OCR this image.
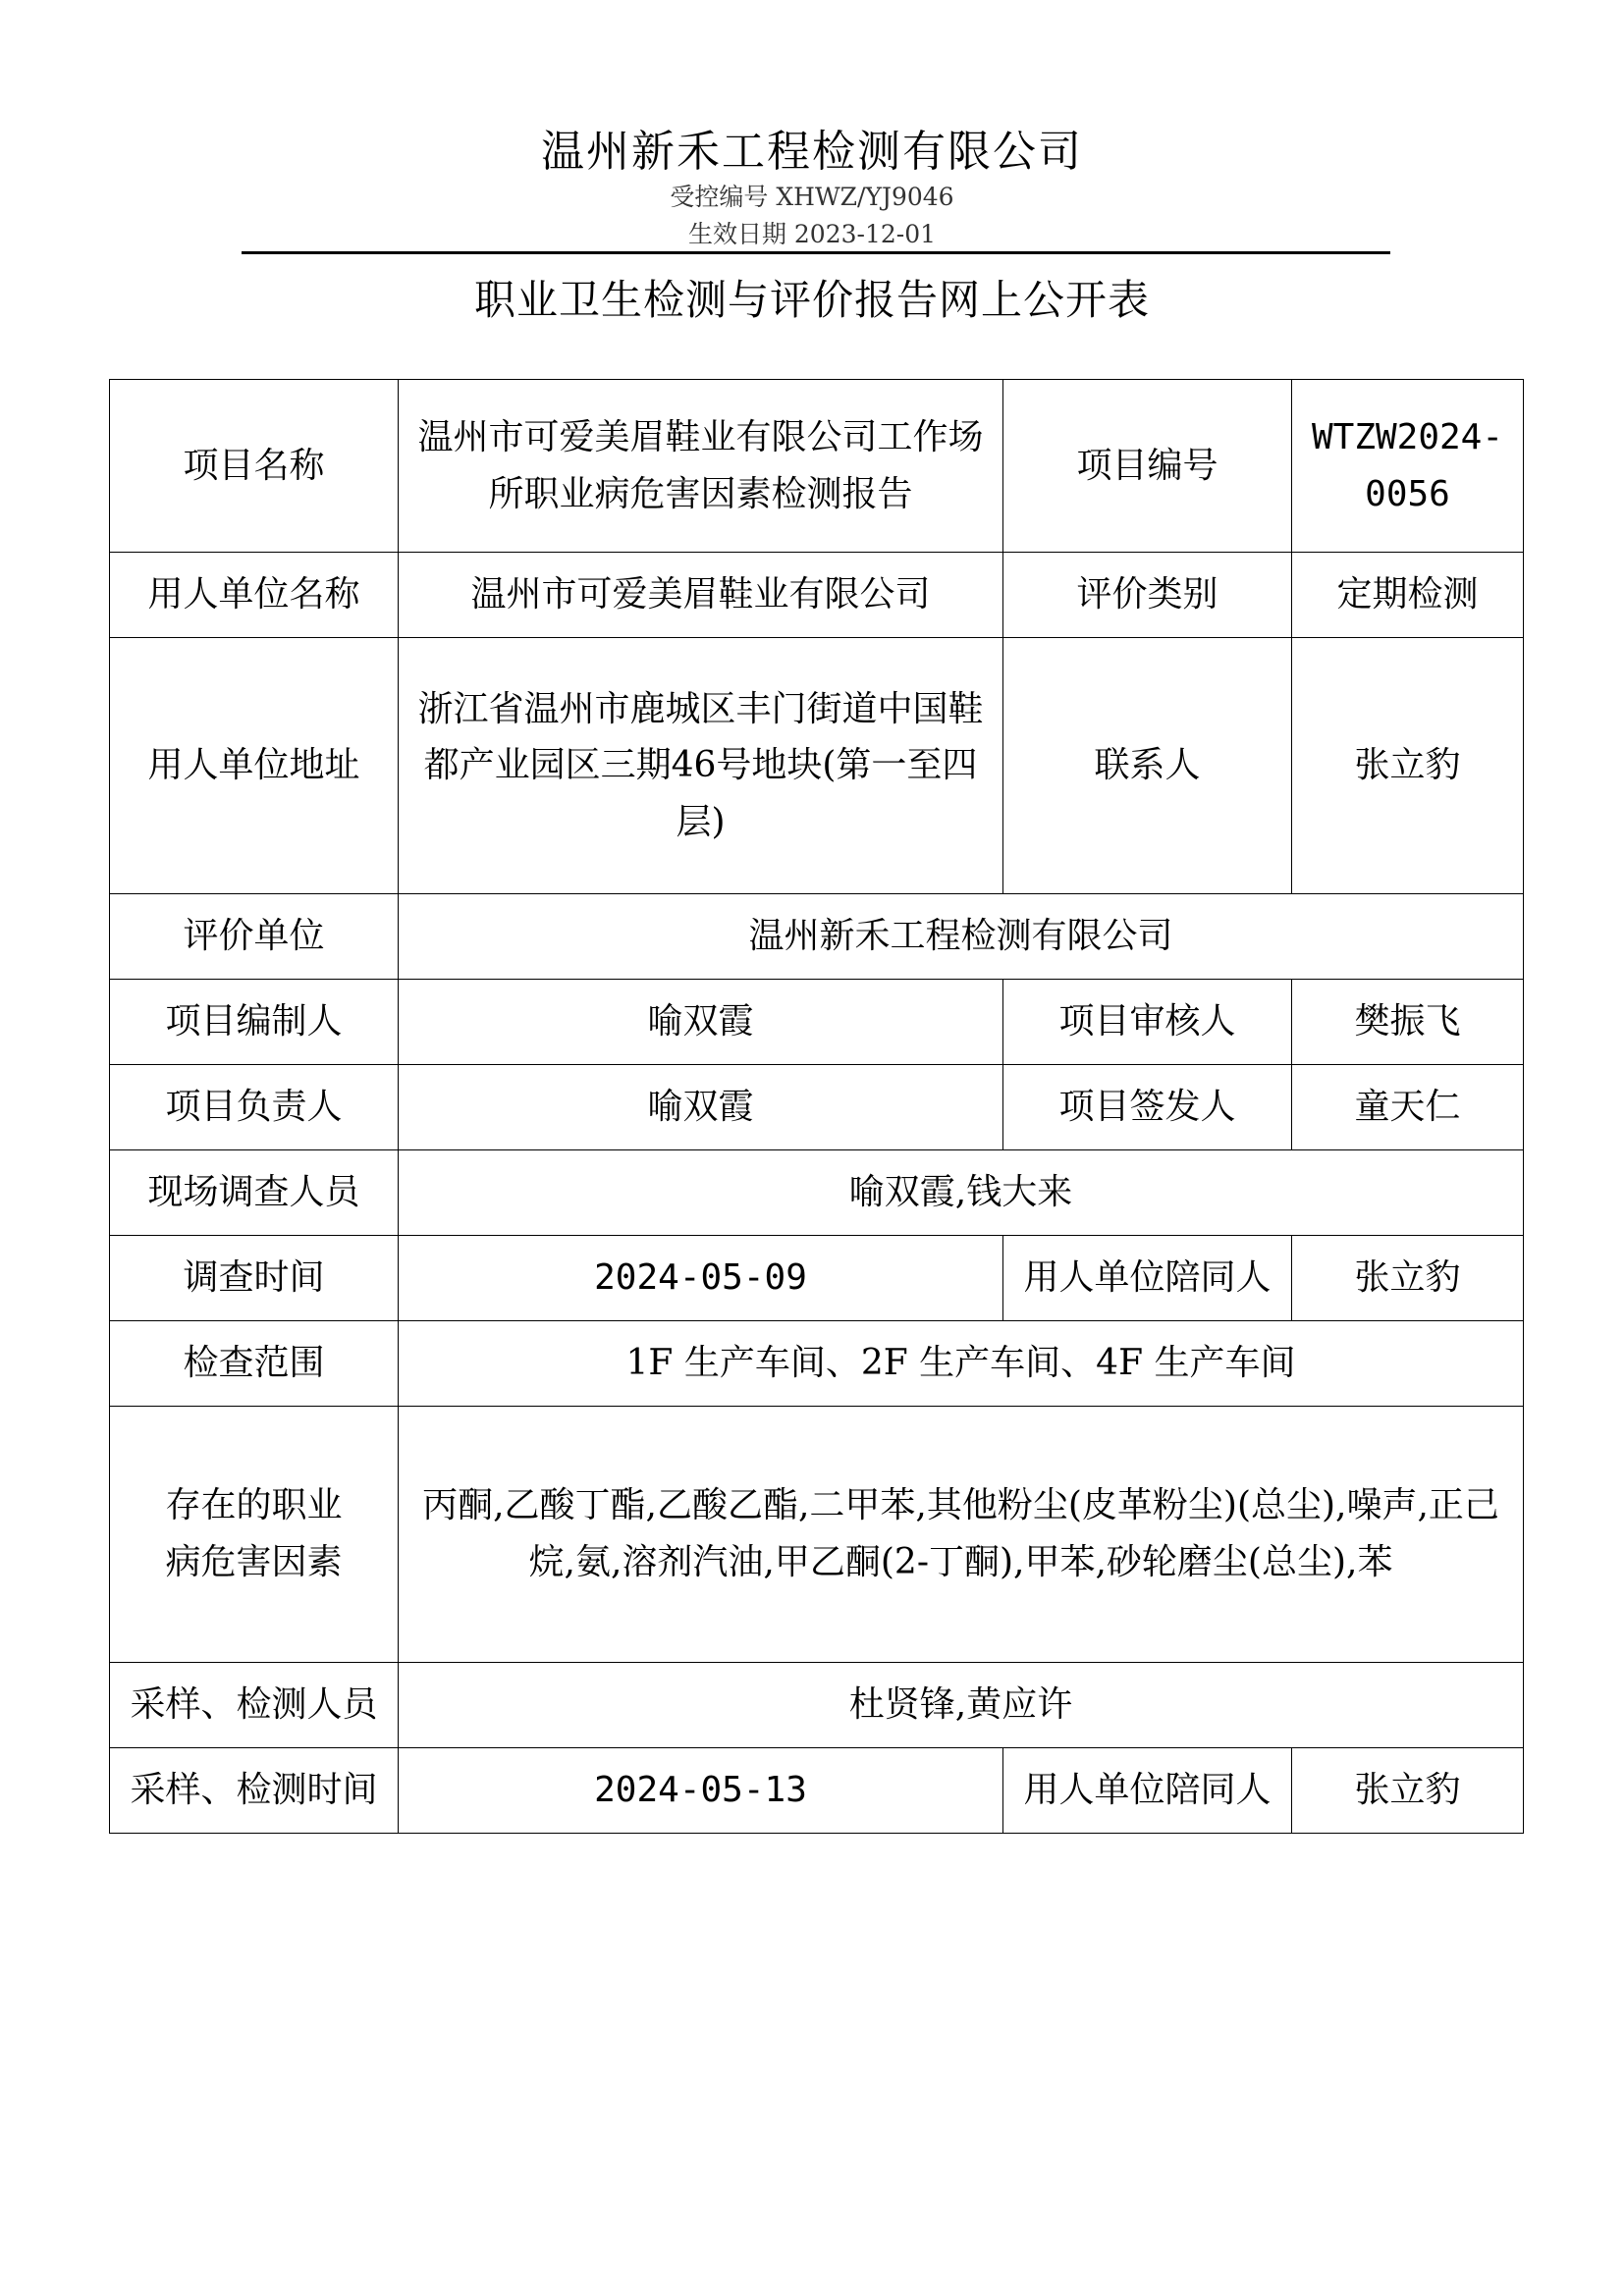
温州新禾工程检测有限公司
受控编号 XHWZ/YJ9046
生效日期 2023-12-01
职业卫生检测与评价报告网上公开表
项目名称	温州市可爱美眉鞋业有限公司工作场所职业病危害因素检测报告	项目编号	WTZW2024-0056
用人单位名称	温州市可爱美眉鞋业有限公司	评价类别	定期检测
用人单位地址	浙江省温州市鹿城区丰门街道中国鞋都产业园区三期46号地块(第一至四层)	联系人	张立豹
评价单位	温州新禾工程检测有限公司		
项目编制人	喻双霞	项目审核人	樊振飞
项目负责人	喻双霞	项目签发人	童天仁
现场调查人员	喻双霞,钱大来		
调查时间	2024-05-09	用人单位陪同人	张立豹
检查范围	1F 生产车间、2F 生产车间、4F 生产车间		
存在的职业病危害因素	丙酮,乙酸丁酯,乙酸乙酯,二甲苯,其他粉尘(皮革粉尘)(总尘),噪声,正己烷,氨,溶剂汽油,甲乙酮(2-丁酮),甲苯,砂轮磨尘(总尘),苯		
采样、检测人员	杜贤锋,黄应许		
采样、检测时间	2024-05-13	用人单位陪同人	张立豹
